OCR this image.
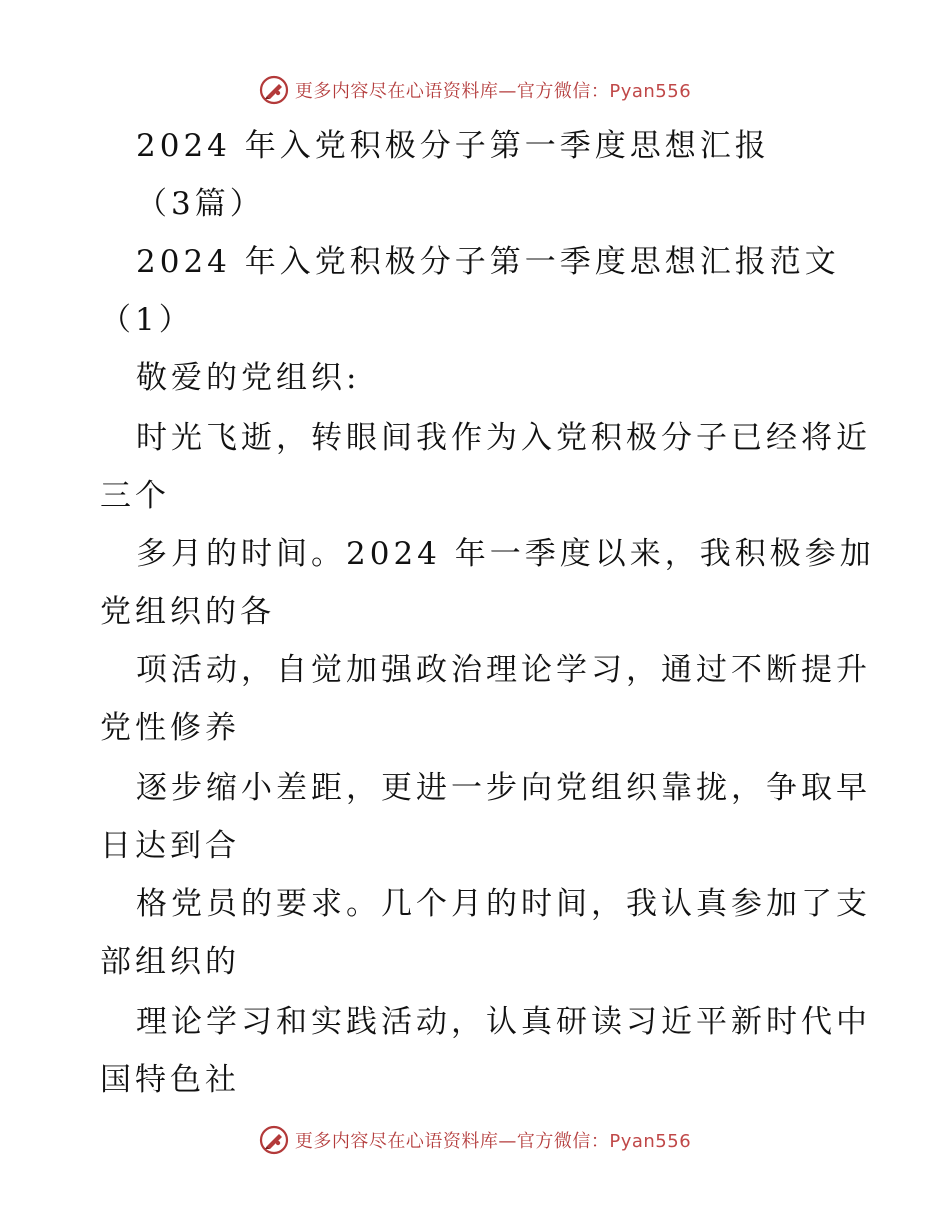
更多内容尽在心语资料库—官方微信：Pyan556
2024 年入党积极分子第一季度思想汇报
（3篇）
2024 年入党积极分子第一季度思想汇报范文
（1）
敬爱的党组织:
时光飞逝，转眼间我作为入党积极分子已经将近
三个
多月的时间。2024 年一季度以来，我积极参加
党组织的各
项活动，自觉加强政治理论学习，通过不断提升
党性修养
逐步缩小差距，更进一步向党组织靠拢，争取早
日达到合
格党员的要求。几个月的时间，我认真参加了支
部组织的
理论学习和实践活动，认真研读习近平新时代中
国特色社
更多内容尽在心语资料库—官方微信：Pyan556
